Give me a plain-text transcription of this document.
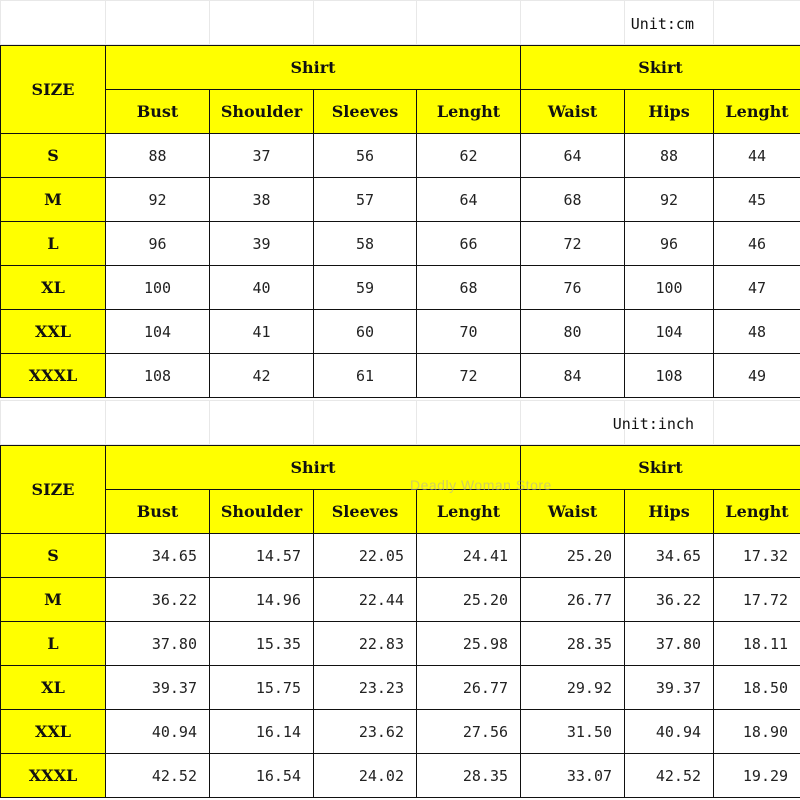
Unit:cm
SIZE	Shirt				Skirt		
	Bust	Shoulder	Sleeves	Lenght	Waist	Hips	Lenght
S	88	37	56	62	64	88	44
M	92	38	57	64	68	92	45
L	96	39	58	66	72	96	46
XL	100	40	59	68	76	100	47
XXL	104	41	60	70	80	104	48
XXXL	108	42	61	72	84	108	49
Unit:inch
SIZE	Shirt				Skirt		
	Bust	Shoulder	Sleeves	Lenght	Waist	Hips	Lenght
S	34.65	14.57	22.05	24.41	25.20	34.65	17.32
M	36.22	14.96	22.44	25.20	26.77	36.22	17.72
L	37.80	15.35	22.83	25.98	28.35	37.80	18.11
XL	39.37	15.75	23.23	26.77	29.92	39.37	18.50
XXL	40.94	16.14	23.62	27.56	31.50	40.94	18.90
XXXL	42.52	16.54	24.02	28.35	33.07	42.52	19.29
Deadly Woman Store
